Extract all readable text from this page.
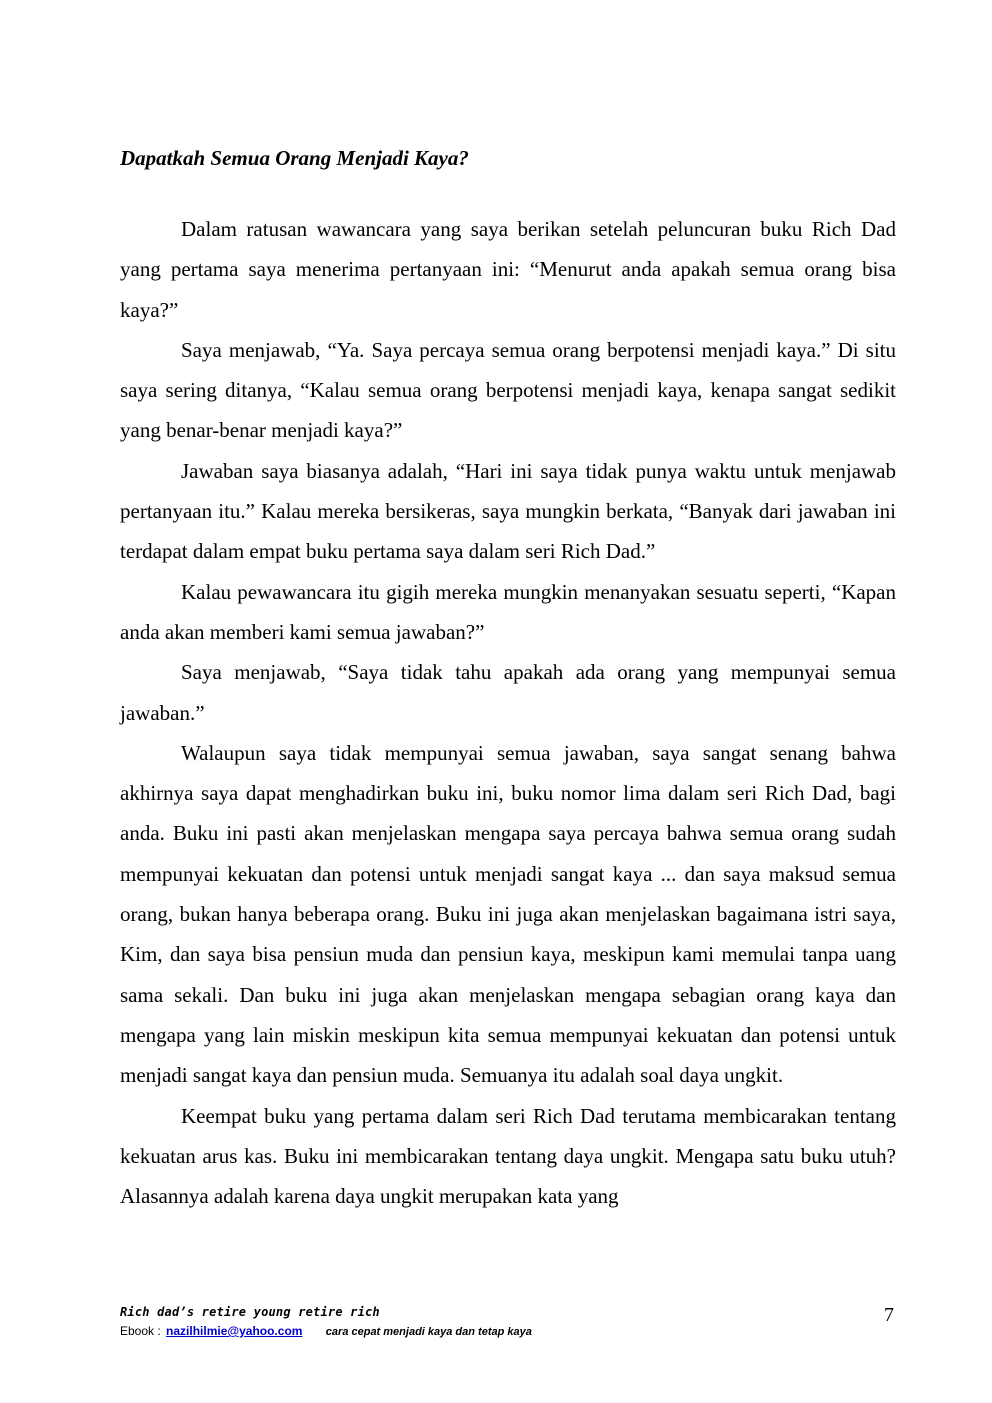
Dapatkah Semua Orang Menjadi Kaya?

Dalam ratusan wawancara yang saya berikan setelah peluncuran buku Rich Dad yang pertama saya menerima pertanyaan ini: “Menurut anda apakah semua orang bisa kaya?”

Saya menjawab, “Ya. Saya percaya semua orang berpotensi menjadi kaya.” Di situ saya sering ditanya, “Kalau semua orang berpotensi menjadi kaya, kenapa sangat sedikit yang benar-benar menjadi kaya?”

Jawaban saya biasanya adalah, “Hari ini saya tidak punya waktu untuk menjawab pertanyaan itu.” Kalau mereka bersikeras, saya mungkin berkata, “Banyak dari jawaban ini terdapat dalam empat buku pertama saya dalam seri Rich Dad.”

Kalau pewawancara itu gigih mereka mungkin menanyakan sesuatu seperti, “Kapan anda akan memberi kami semua jawaban?”

Saya menjawab, “Saya tidak tahu apakah ada orang yang mempunyai semua jawaban.”

Walaupun saya tidak mempunyai semua jawaban, saya sangat senang bahwa akhirnya saya dapat menghadirkan buku ini, buku nomor lima dalam seri Rich Dad, bagi anda. Buku ini pasti akan menjelaskan mengapa saya percaya bahwa semua orang sudah mempunyai kekuatan dan potensi untuk menjadi sangat kaya ... dan saya maksud semua orang, bukan hanya beberapa orang. Buku ini juga akan menjelaskan bagaimana istri saya, Kim, dan saya bisa pensiun muda dan pensiun kaya, meskipun kami memulai tanpa uang sama sekali. Dan buku ini juga akan menjelaskan mengapa sebagian orang kaya dan mengapa yang lain miskin meskipun kita semua mempunyai kekuatan dan potensi untuk menjadi sangat kaya dan pensiun muda. Semuanya itu adalah soal daya ungkit.

Keempat buku yang pertama dalam seri Rich Dad terutama membicarakan tentang kekuatan arus kas. Buku ini membicarakan tentang daya ungkit. Mengapa satu buku utuh? Alasannya adalah karena daya ungkit merupakan kata yang

Rich dad’s retire young retire rich
Ebook : nazilhilmie@yahoo.com cara cepat menjadi kaya dan tetap kaya
7
